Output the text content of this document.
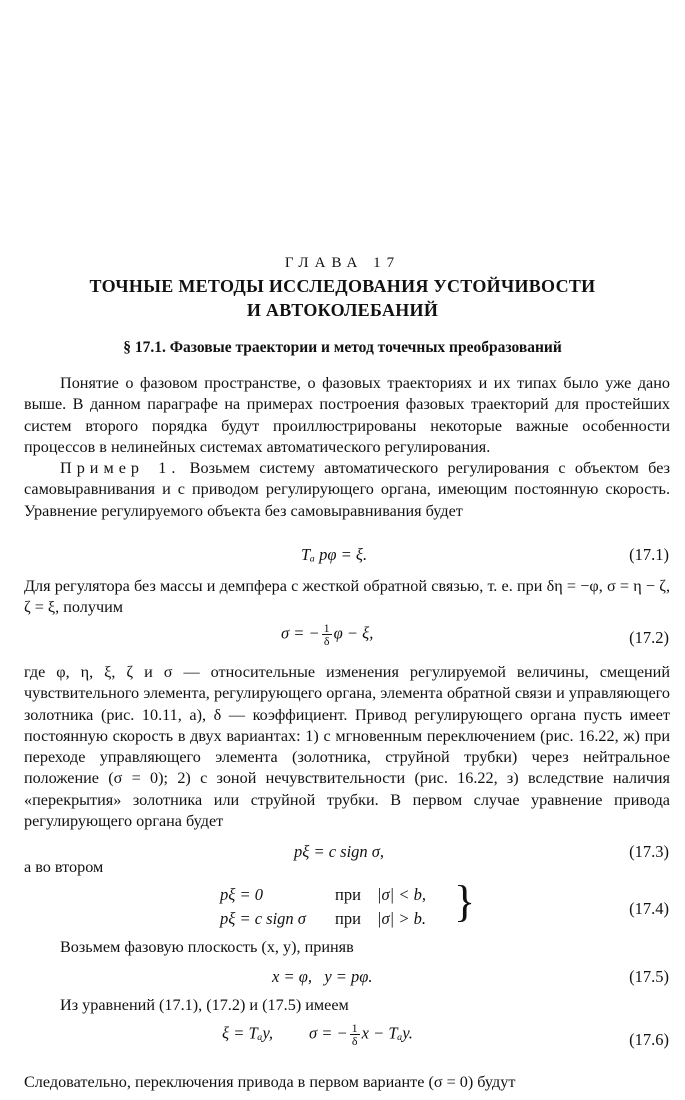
ГЛАВА 17
ТОЧНЫЕ МЕТОДЫ ИССЛЕДОВАНИЯ УСТОЙЧИВОСТИ
И АВТОКОЛЕБАНИЙ
§ 17.1. Фазовые траектории и метод точечных преобразований

Понятие о фазовом пространстве, о фазовых траекториях и их типах было уже дано выше. В данном параграфе на примерах построения фазовых траекторий для простейших систем второго порядка будут проиллюстрированы некоторые важные особенности процессов в нелинейных системах автоматического регулирования.

Пример 1. Возьмем систему автоматического регулирования с объектом без самовыравнивания и с приводом регулирующего органа, имеющим постоянную скорость. Уравнение регулируемого объекта без самовыравнивания будет

Tₐ pφ = ξ.	(17.1)
Для регулятора без массы и демпфера с жесткой обратной связью, т. е. при δη = −φ, σ = η − ζ, ζ = ξ, получим
σ = − $\frac{1}{\delta}$ φ − ξ,	(17.2)
где φ, η, ξ, ζ и σ — относительные изменения регулируемой величины, смещений чувствительного элемента, регулирующего органа, элемента обратной связи и управляющего золотника (рис. 10.11, а), δ — коэффициент. Привод регулирующего органа пусть имеет постоянную скорость в двух вариантах: 1) с мгновенным переключением (рис. 16.22, ж) при переходе управляющего элемента (золотника, струйной трубки) через нейтральное положение (σ = 0); 2) с зоной нечувствительности (рис. 16.22, з) вследствие наличия «перекрытия» золотника или струйной трубки. В первом случае уравнение привода регулирующего органа будет
pξ = c sign σ,	(17.3)
а во втором
pξ = 0	при |σ| < b,
pξ = c sign σ при |σ| > b. }	(17.4)
Возьмем фазовую плоскость (x, y), приняв
x = φ,   y = pφ.	(17.5)
Из уравнений (17.1), (17.2) и (17.5) имеем
ξ = Tₐy, σ = − $\frac{1}{\delta}$ x − Tₐy.	(17.6)
Следовательно, переключения привода в первом варианте (σ = 0) будут
